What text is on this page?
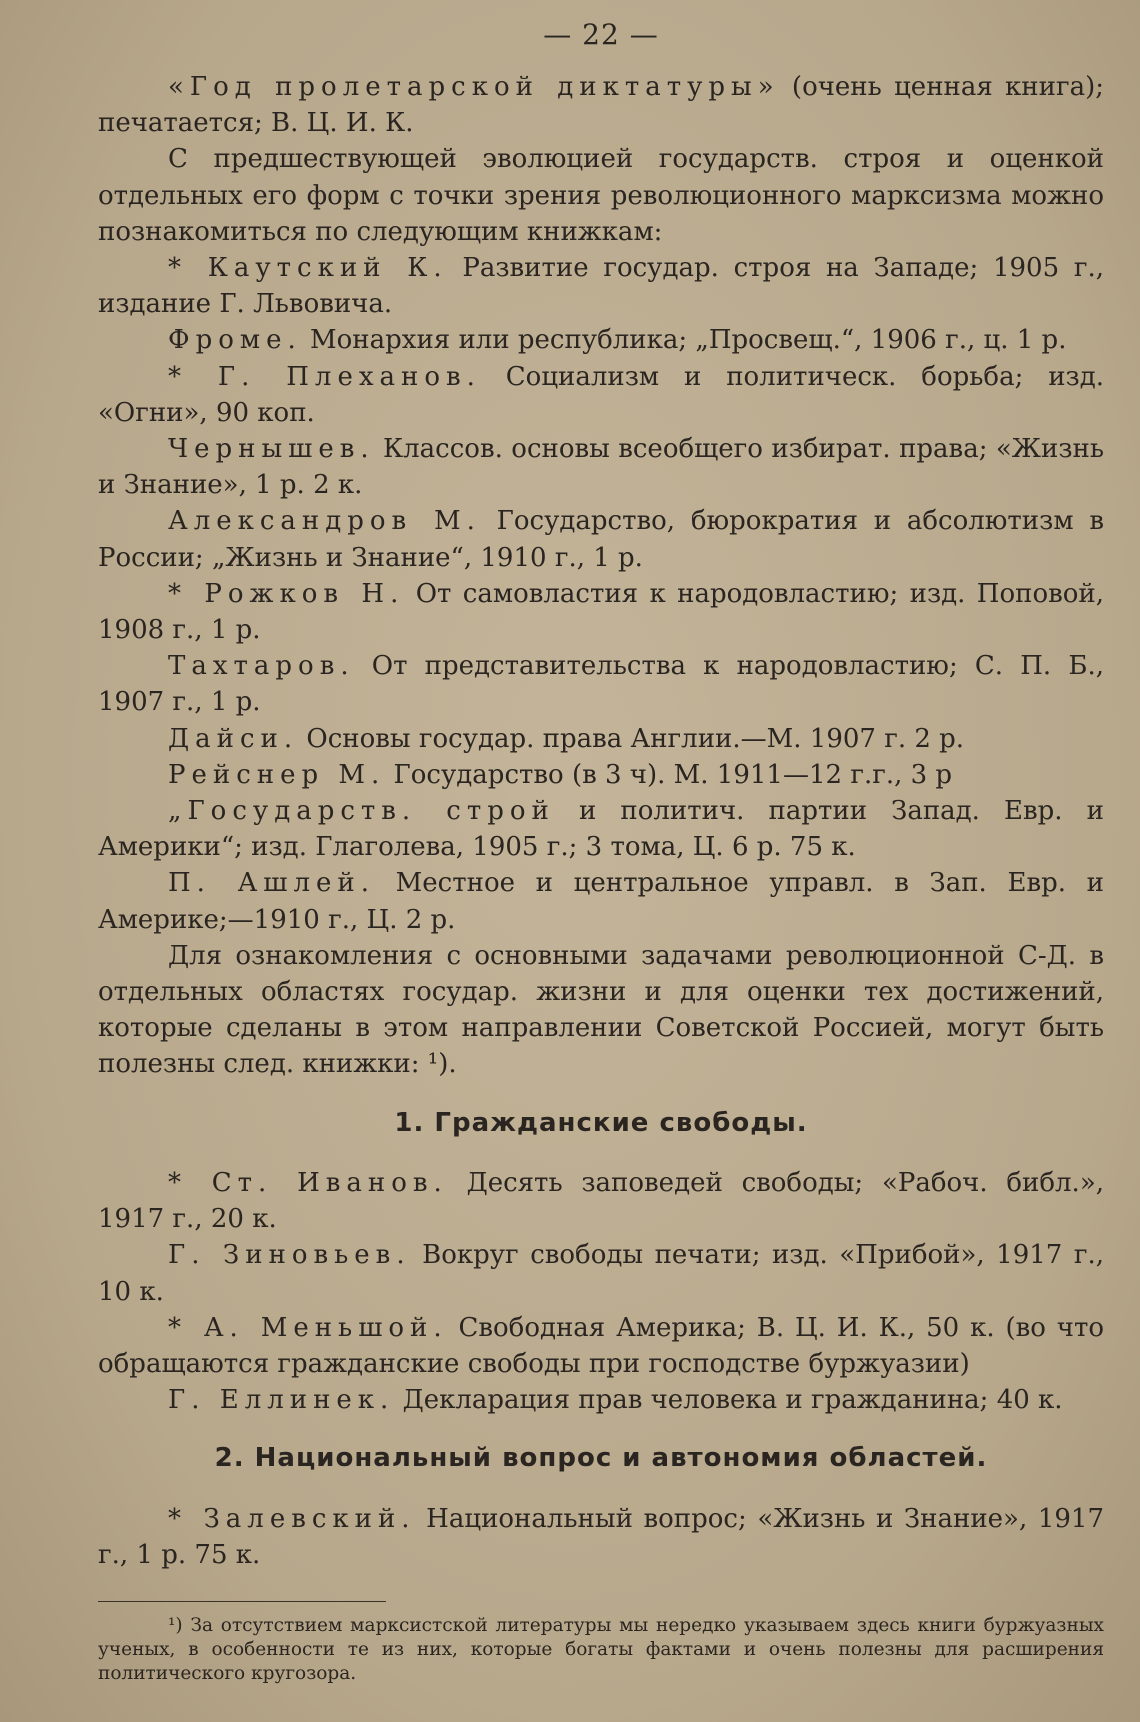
— 22 —

«Год пролетарской диктатуры» (очень ценная книга); печатается; В. Ц. И. К.

С предшествующей эволюцией государств. строя и оценкой отдельных его форм с точки зрения революционного марксизма можно познакомиться по следующим книжкам:

* Каутский К. Развитие государ. строя на Западе; 1905 г., издание Г. Львовича.

Фроме. Монархия или республика; „Просвещ.“, 1906 г., ц. 1 р.

* Г. Плеханов. Социализм и политическ. борьба; изд. «Огни», 90 коп.

Чернышев. Классов. основы всеобщего избират. права; «Жизнь и Знание», 1 р. 2 к.

Александров М. Государство, бюрократия и абсолютизм в России; „Жизнь и Знание“, 1910 г., 1 р.

* Рожков Н. От самовластия к народовластию; изд. Поповой, 1908 г., 1 р.

Тахтаров. От представительства к народовластию; С. П. Б., 1907 г., 1 р.

Дайси. Основы государ. права Англии.—М. 1907 г. 2 р.

Рейснер М. Государство (в 3 ч). М. 1911—12 г.г., 3 р

„Государств. строй и политич. партии Запад. Евр. и Америки“; изд. Глаголева, 1905 г.; 3 тома, Ц. 6 р. 75 к.

П. Ашлей. Местное и центральное управл. в Зап. Евр. и Америке;—1910 г., Ц. 2 р.

Для ознакомления с основными задачами революционной С-Д. в отдельных областях государ. жизни и для оценки тех достижений, которые сделаны в этом направлении Советской Россией, могут быть полезны след. книжки: ¹).

1. Гражданские свободы.

* Ст. Иванов. Десять заповедей свободы; «Рабоч. библ.», 1917 г., 20 к.

Г. Зиновьев. Вокруг свободы печати; изд. «Прибой», 1917 г., 10 к.

* А. Меньшой. Свободная Америка; В. Ц. И. К., 50 к. (во что обращаются гражданские свободы при господстве буржуазии)

Г. Еллинек. Декларация прав человека и гражданина; 40 к.

2. Национальный вопрос и автономия областей.

* Залевский. Национальный вопрос; «Жизнь и Знание», 1917 г., 1 р. 75 к.

¹) За отсутствием марксистской литературы мы нередко указываем здесь книги буржуазных ученых, в особенности те из них, которые богаты фактами и очень полезны для расширения политического кругозора.
